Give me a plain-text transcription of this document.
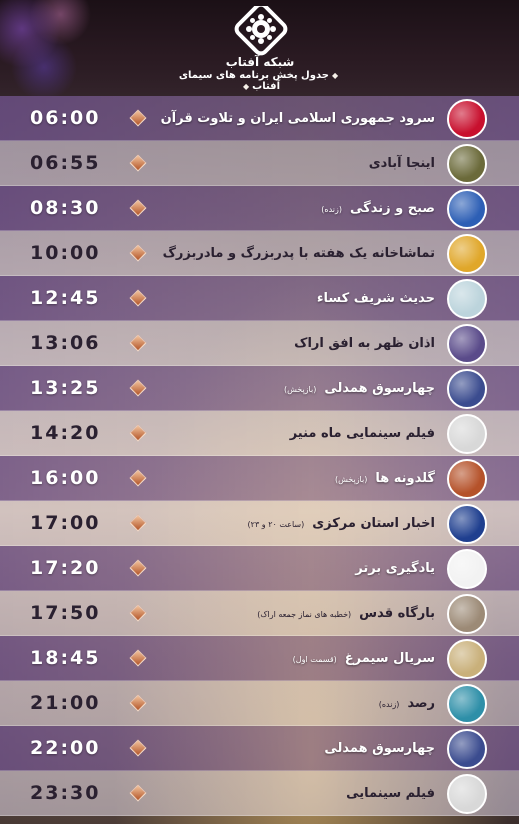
شبکه آفتاب
◆جدول پخش برنامه های سیمای آفتاب◆
06:00	سرود جمهوری اسلامی ایران و تلاوت قرآن
06:55	اینجا آبادی
08:30	صبح و زندگی(زنده)
10:00	تماشاخانه یک هفته با پدربزرگ و مادربزرگ
12:45	حدیث شریف کساء
13:06	اذان ظهر به افق اراک
13:25	چهارسوق همدلی(بازپخش)
14:20	فیلم سینمایی ماه منیر
16:00	گلدونه ها(بازپخش)
17:00	اخبار استان مرکزی(ساعت ۲۰ و ۲۳)
17:20	یادگیری برتر
17:50	بارگاه قدس(خطبه های نماز جمعه اراک)
18:45	سریال سیمرغ(قسمت اول)
21:00	رصد(زنده)
22:00	چهارسوق همدلی
23:30	فیلم سینمایی
